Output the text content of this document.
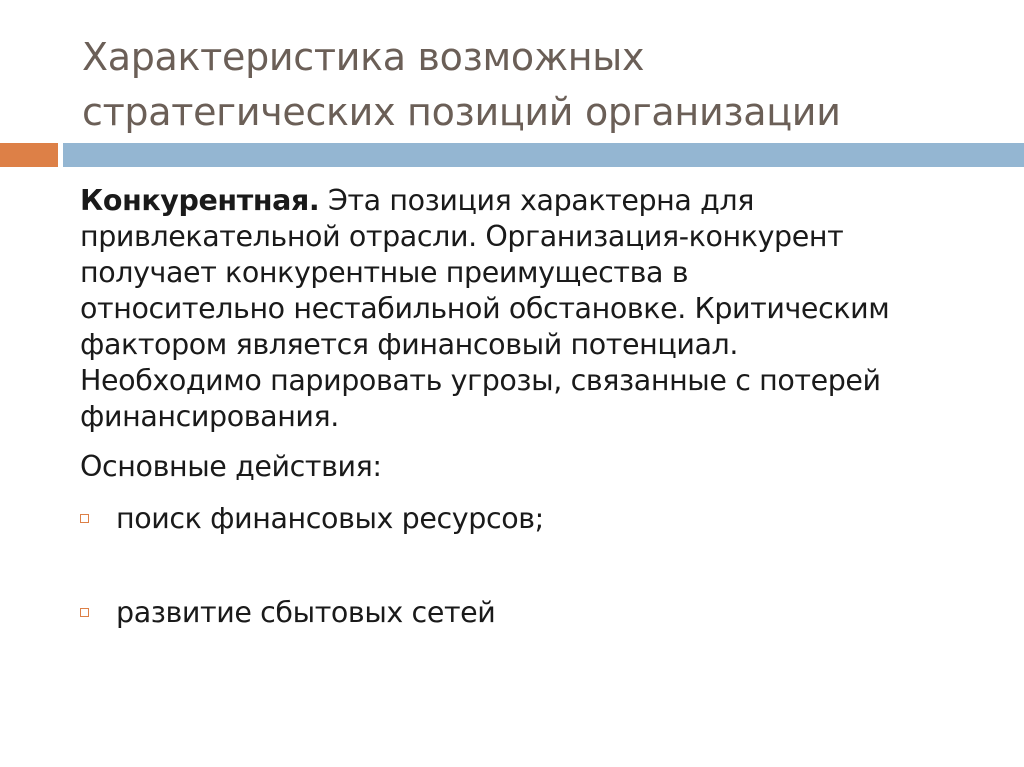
Характеристика возможных
стратегических позиций организации

Конкурентная. Эта позиция характерна для
привлекательной отрасли. Организация-конкурент
получает конкурентные преимущества в
относительно нестабильной обстановке. Критическим
фактором является финансовый потенциал.
Необходимо парировать угрозы, связанные с потерей
финансирования.

Основные действия:
поиск финансовых ресурсов;
развитие сбытовых сетей
